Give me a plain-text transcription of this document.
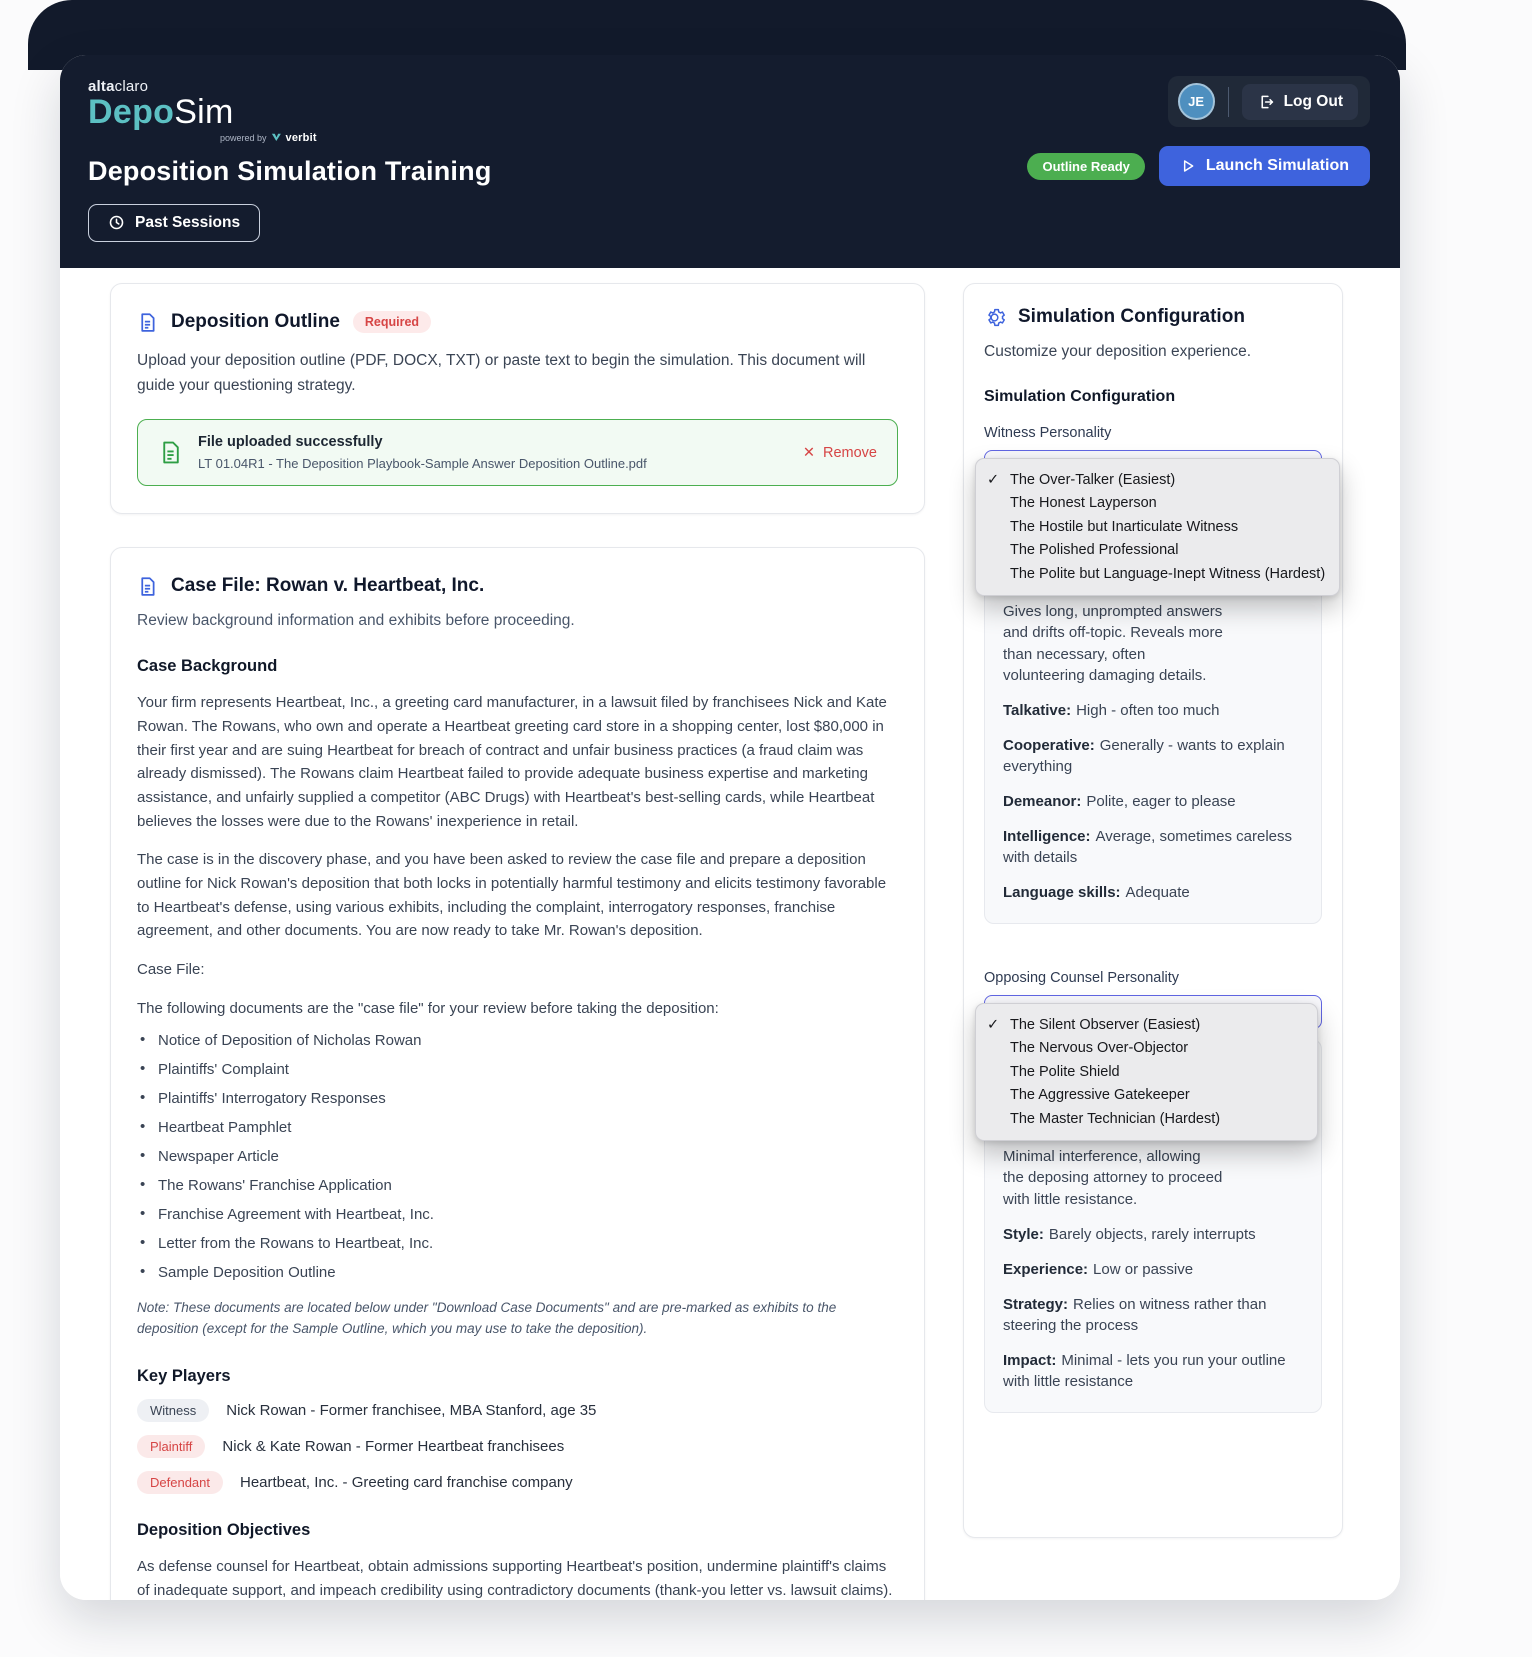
altaclaro
DepoSim
powered by verbit
Deposition Simulation Training
Past Sessions
JE	Log Out
Outline Ready	Launch Simulation
Deposition Outline	Required
Upload your deposition outline (PDF, DOCX, TXT) or paste text to begin the simulation. This document will guide your questioning strategy.
File uploaded successfully
LT 01.04R1 - The Deposition Playbook-Sample Answer Deposition Outline.pdf
✕ Remove
Case File: Rowan v. Heartbeat, Inc.
Review background information and exhibits before proceeding.
Case Background
Your firm represents Heartbeat, Inc., a greeting card manufacturer, in a lawsuit filed by franchisees Nick and Kate Rowan. The Rowans, who own and operate a Heartbeat greeting card store in a shopping center, lost $80,000 in their first year and are suing Heartbeat for breach of contract and unfair business practices (a fraud claim was already dismissed). The Rowans claim Heartbeat failed to provide adequate business expertise and marketing assistance, and unfairly supplied a competitor (ABC Drugs) with Heartbeat's best-selling cards, while Heartbeat believes the losses were due to the Rowans' inexperience in retail.
The case is in the discovery phase, and you have been asked to review the case file and prepare a deposition outline for Nick Rowan's deposition that both locks in potentially harmful testimony and elicits testimony favorable to Heartbeat's defense, using various exhibits, including the complaint, interrogatory responses, franchise agreement, and other documents. You are now ready to take Mr. Rowan's deposition.
Case File:
The following documents are the "case file" for your review before taking the deposition:
• Notice of Deposition of Nicholas Rowan
• Plaintiffs' Complaint
• Plaintiffs' Interrogatory Responses
• Heartbeat Pamphlet
• Newspaper Article
• The Rowans' Franchise Application
• Franchise Agreement with Heartbeat, Inc.
• Letter from the Rowans to Heartbeat, Inc.
• Sample Deposition Outline
Note: These documents are located below under "Download Case Documents" and are pre-marked as exhibits to the deposition (except for the Sample Outline, which you may use to take the deposition).
Key Players
Witness	Nick Rowan - Former franchisee, MBA Stanford, age 35
Plaintiff	Nick & Kate Rowan - Former Heartbeat franchisees
Defendant	Heartbeat, Inc. - Greeting card franchise company
Deposition Objectives
As defense counsel for Heartbeat, obtain admissions supporting Heartbeat's position, undermine plaintiff's claims of inadequate support, and impeach credibility using contradictory documents (thank-you letter vs. lawsuit claims).
Simulation Configuration
Customize your deposition experience.
Simulation Configuration
Witness Personality
✓ The Over-Talker (Easiest)
The Honest Layperson
The Hostile but Inarticulate Witness
The Polished Professional
The Polite but Language-Inept Witness (Hardest)
Gives long, unprompted answers and drifts off-topic. Reveals more than necessary, often volunteering damaging details.
Talkative: High - often too much
Cooperative: Generally - wants to explain everything
Demeanor: Polite, eager to please
Intelligence: Average, sometimes careless with details
Language skills: Adequate
Opposing Counsel Personality
✓ The Silent Observer (Easiest)
The Nervous Over-Objector
The Polite Shield
The Aggressive Gatekeeper
The Master Technician (Hardest)
Minimal interference, allowing the deposing attorney to proceed with little resistance.
Style: Barely objects, rarely interrupts
Experience: Low or passive
Strategy: Relies on witness rather than steering the process
Impact: Minimal - lets you run your outline with little resistance
